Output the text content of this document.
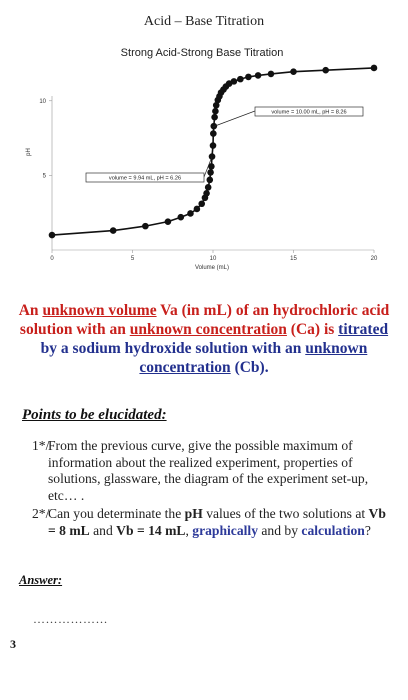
Acid – Base Titration
Strong Acid-Strong Base Titration
0	5	10	15	20
5
10
volume = 9.94 mL, pH = 6.26
volume = 10.00 mL, pH = 8.26
Volume (mL)
pH
An unknown volume Va (in mL) of an hydrochloric acid solution with an unknown concentration (Ca) is titrated by a sodium hydroxide solution with an unknown concentration (Cb).
Points to be elucidated:
1*/
From the previous curve, give the possible maximum of information about the realized experiment, properties of solutions, glassware, the diagram of the experiment set-up, etc… .
2*/
Can you determinate the pH values of the two solutions at Vb = 8 mL and Vb = 14 mL, graphically and by calculation?
Answer:
………………
3
